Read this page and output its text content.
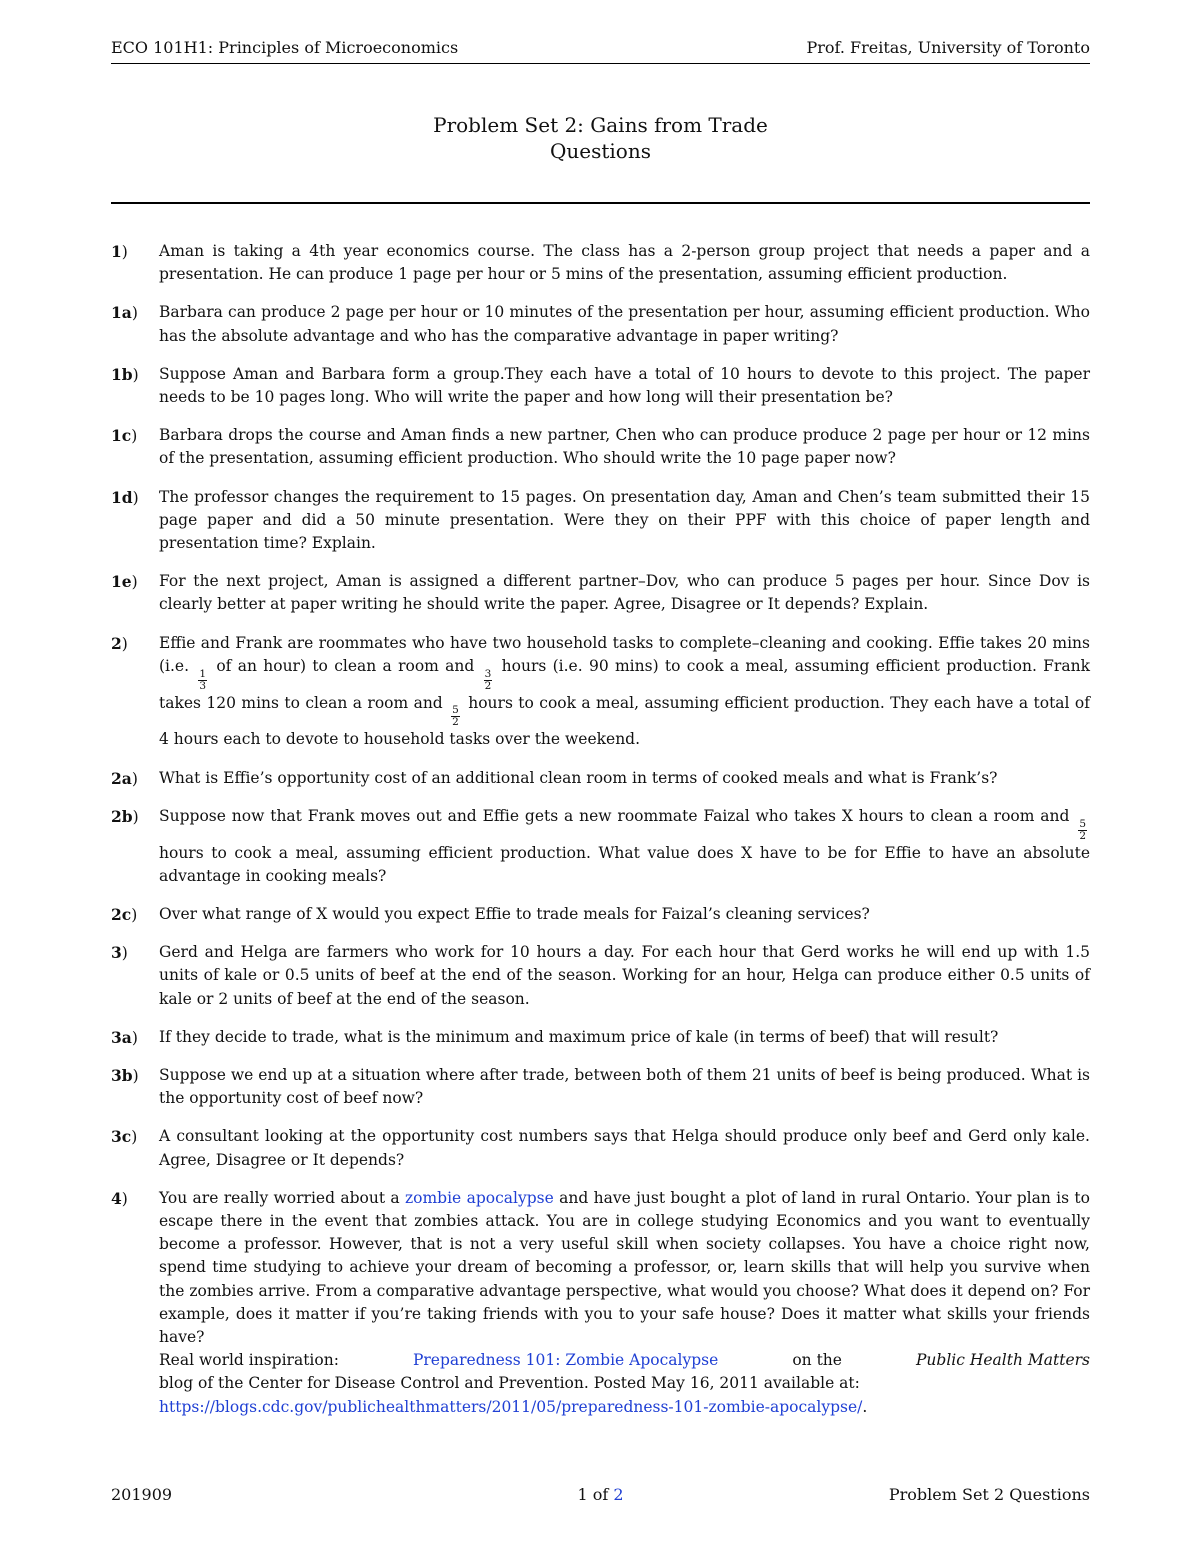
ECO 101H1: Principles of Microeconomics	Prof. Freitas, University of Toronto
Problem Set 2: Gains from Trade
Questions
1) Aman is taking a 4th year economics course. The class has a 2-person group project that needs a paper and a presentation. He can produce 1 page per hour or 5 mins of the presentation, assuming efficient production.
1a) Barbara can produce 2 page per hour or 10 minutes of the presentation per hour, assuming efficient production. Who has the absolute advantage and who has the comparative advantage in paper writing?
1b) Suppose Aman and Barbara form a group.They each have a total of 10 hours to devote to this project. The paper needs to be 10 pages long. Who will write the paper and how long will their presentation be?
1c) Barbara drops the course and Aman finds a new partner, Chen who can produce produce 2 page per hour or 12 mins of the presentation, assuming efficient production. Who should write the 10 page paper now?
1d) The professor changes the requirement to 15 pages. On presentation day, Aman and Chen’s team submitted their 15 page paper and did a 50 minute presentation. Were they on their PPF with this choice of paper length and presentation time? Explain.
1e) For the next project, Aman is assigned a different partner–Dov, who can produce 5 pages per hour. Since Dov is clearly better at paper writing he should write the paper. Agree, Disagree or It depends? Explain.
2) Effie and Frank are roommates who have two household tasks to complete–cleaning and cooking. Effie takes 20 mins (i.e.
$\frac{1}{3}$
of an hour) to clean a room and
$\frac{3}{2}$
hours (i.e. 90 mins) to cook a meal, assuming efficient production. Frank takes 120 mins to clean a room and
$\frac{5}{2}$
hours to cook a meal, assuming efficient production. They each have a total of 4 hours each to devote to household tasks over the weekend.
2a) What is Effie’s opportunity cost of an additional clean room in terms of cooked meals and what is Frank’s?
2b) Suppose now that Frank moves out and Effie gets a new roommate Faizal who takes X hours to clean a room and
$\frac{5}{2}$
hours to cook a meal, assuming efficient production. What value does X have to be for Effie to have an absolute advantage in cooking meals?
2c) Over what range of X would you expect Effie to trade meals for Faizal’s cleaning services?
3) Gerd and Helga are farmers who work for 10 hours a day. For each hour that Gerd works he will end up with 1.5 units of kale or 0.5 units of beef at the end of the season. Working for an hour, Helga can produce either 0.5 units of kale or 2 units of beef at the end of the season.
3a) If they decide to trade, what is the minimum and maximum price of kale (in terms of beef) that will result?
3b) Suppose we end up at a situation where after trade, between both of them 21 units of beef is being produced. What is the opportunity cost of beef now?
3c) A consultant looking at the opportunity cost numbers says that Helga should produce only beef and Gerd only kale. Agree, Disagree or It depends?
4) You are really worried about a zombie apocalypse and have just bought a plot of land in rural Ontario. Your plan is to escape there in the event that zombies attack. You are in college studying Economics and you want to eventually become a professor. However, that is not a very useful skill when society collapses. You have a choice right now, spend time studying to achieve your dream of becoming a professor, or, learn skills that will help you survive when the zombies arrive. From a comparative advantage perspective, what would you choose? What does it depend on? For example, does it matter if you’re taking friends with you to your safe house? Does it matter what skills your friends have?
Real world inspiration:	Preparedness 101: Zombie Apocalypse	on the	Public Health Matters
blog of the Center for Disease Control and Prevention. Posted May 16, 2011 available at:
https://blogs.cdc.gov/publichealthmatters/2011/05/preparedness-101-zombie-apocalypse/.
201909	1 of 2	Problem Set 2 Questions
